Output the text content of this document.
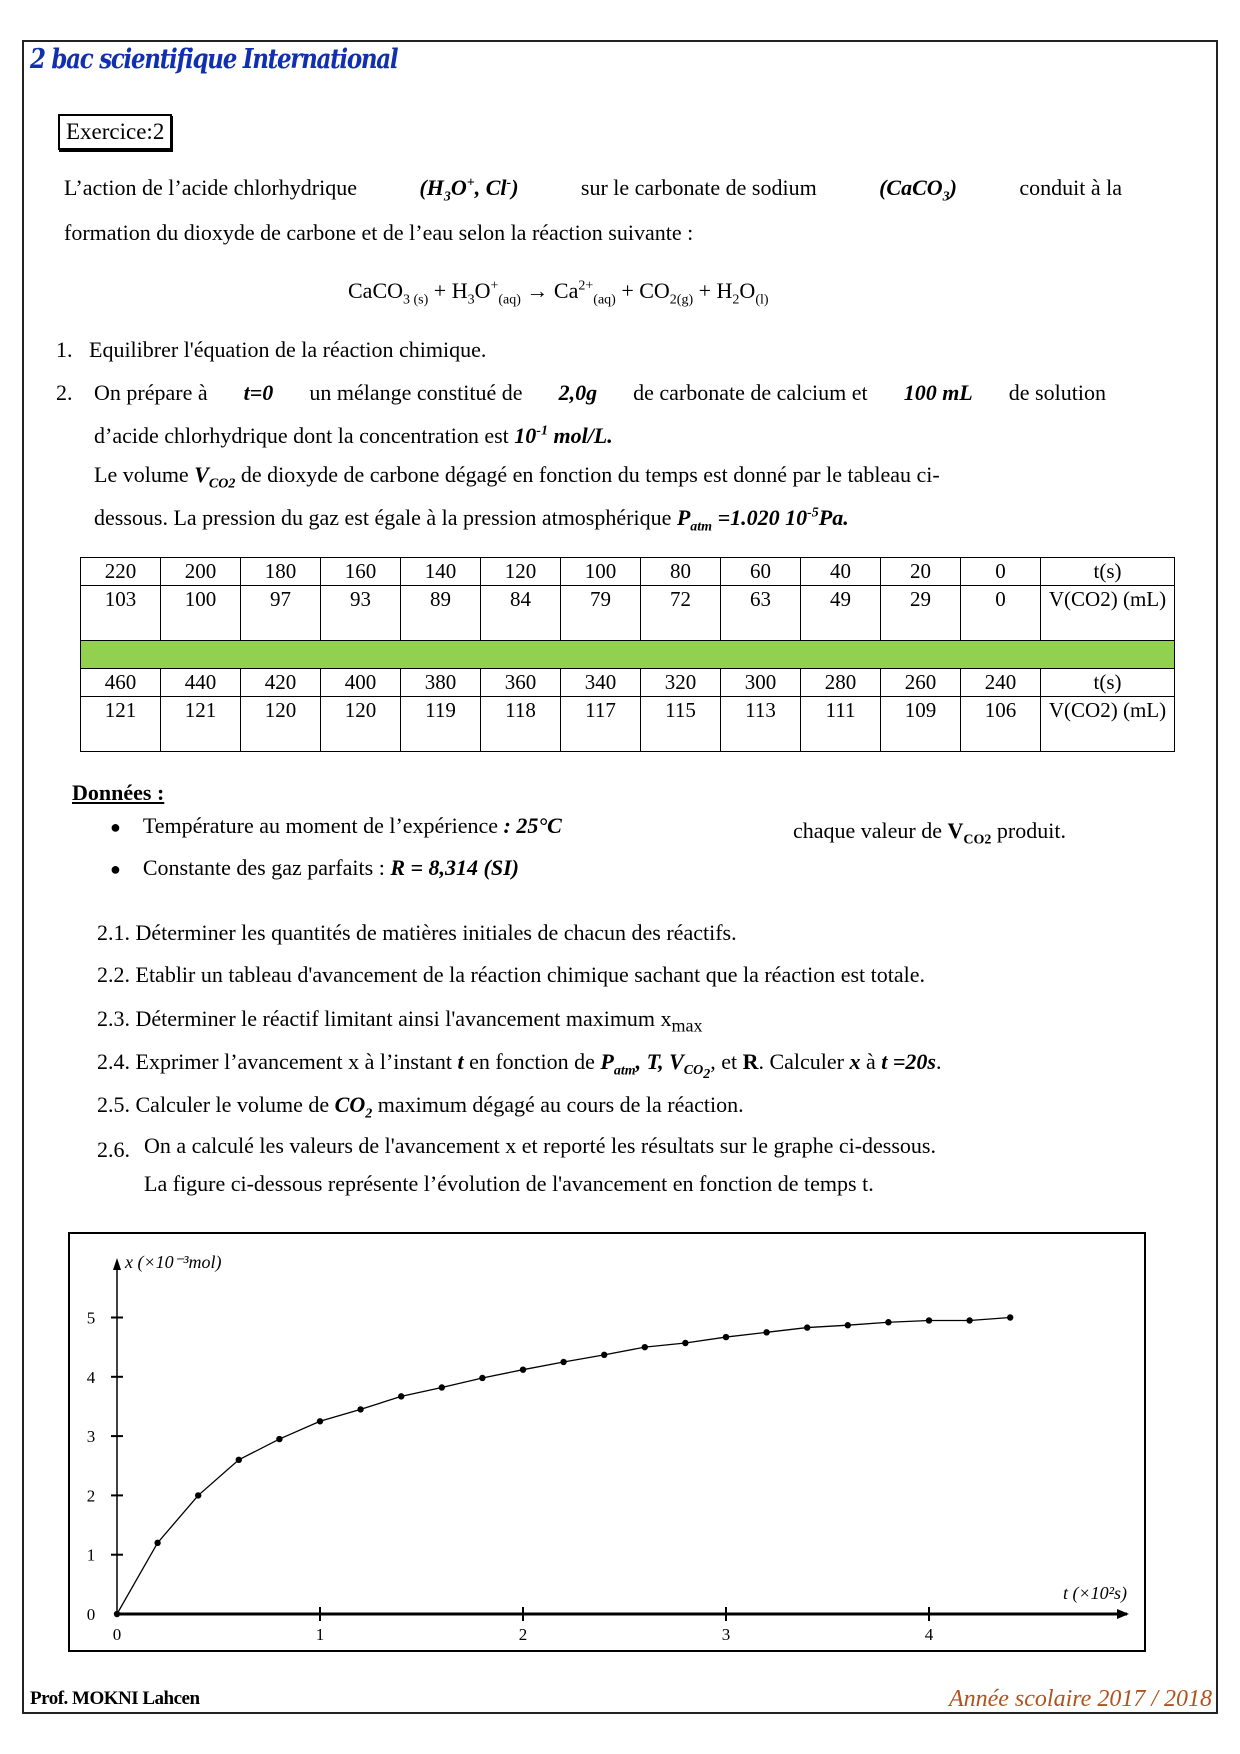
2 bac scientifique International
Exercice:2
L’action de l’acide chlorhydrique	($H_3O^+$, Cl-)	sur le carbonate de sodium	(CaCO$_3$)	conduit à la
formation du dioxyde de carbone et de l’eau selon la réaction suivante :
CaCO$_{3 (s)}$ + $H_3O^+_{(aq)} \to Ca^{2+}_{(aq)} + CO_{2(g)} + H_2O_{(l)}$
1. Equilibrer l'équation de la réaction chimique.
2. On prépare à t=0 un mélange constitué de 2,0g de carbonate de calcium et 100 mL de solution
d’acide chlorhydrique dont la concentration est $10^{-1}$ mol/L.
Le volume $V_{CO2}$ de dioxyde de carbone dégagé en fonction du temps est donné par le tableau ci-
dessous. La pression du gaz est égale à la pression atmosphérique $P_{atm} =1.020$ $10^{-5}Pa$.
220	200	180	160	140	120	100	80	60	40	20	0	t(s)
103	100	97	93	89	84	79	72	63	49	29	0	V(CO2) (mL)

460	440	420	400	380	360	340	320	300	280	260	240	t(s)
121	121	120	120	119	118	117	115	113	111	109	106	V(CO2) (mL)
Données :
● Température au moment de l’expérience : 25°C
● Constante des gaz parfaits : R = 8,314 (SI)
chaque valeur de $V_{CO2}$ produit.
2.1. Déterminer les quantités de matières initiales de chacun des réactifs.
2.2. Etablir un tableau d'avancement de la réaction chimique sachant que la réaction est totale.
2.3. Déterminer le réactif limitant ainsi l'avancement maximum $x_{max}$
2.4. Exprimer l’avancement x à l’instant t en fonction de $P_{atm}$, T, $V_{CO_2}$, et R. Calculer x à t =20s.
2.5. Calculer le volume de $CO_2$ maximum dégagé au cours de la réaction.
2.6. On a calculé les valeurs de l'avancement x et reporté les résultats sur le graphe ci-dessous.
La figure ci-dessous représente l’évolution de l'avancement en fonction de temps t.
0	1	2	3	4
0
1
2
3
4
5
x (×10⁻³mol)
t (×10²s)
Prof. MOKNI Lahcen	Année scolaire 2017 / 2018
